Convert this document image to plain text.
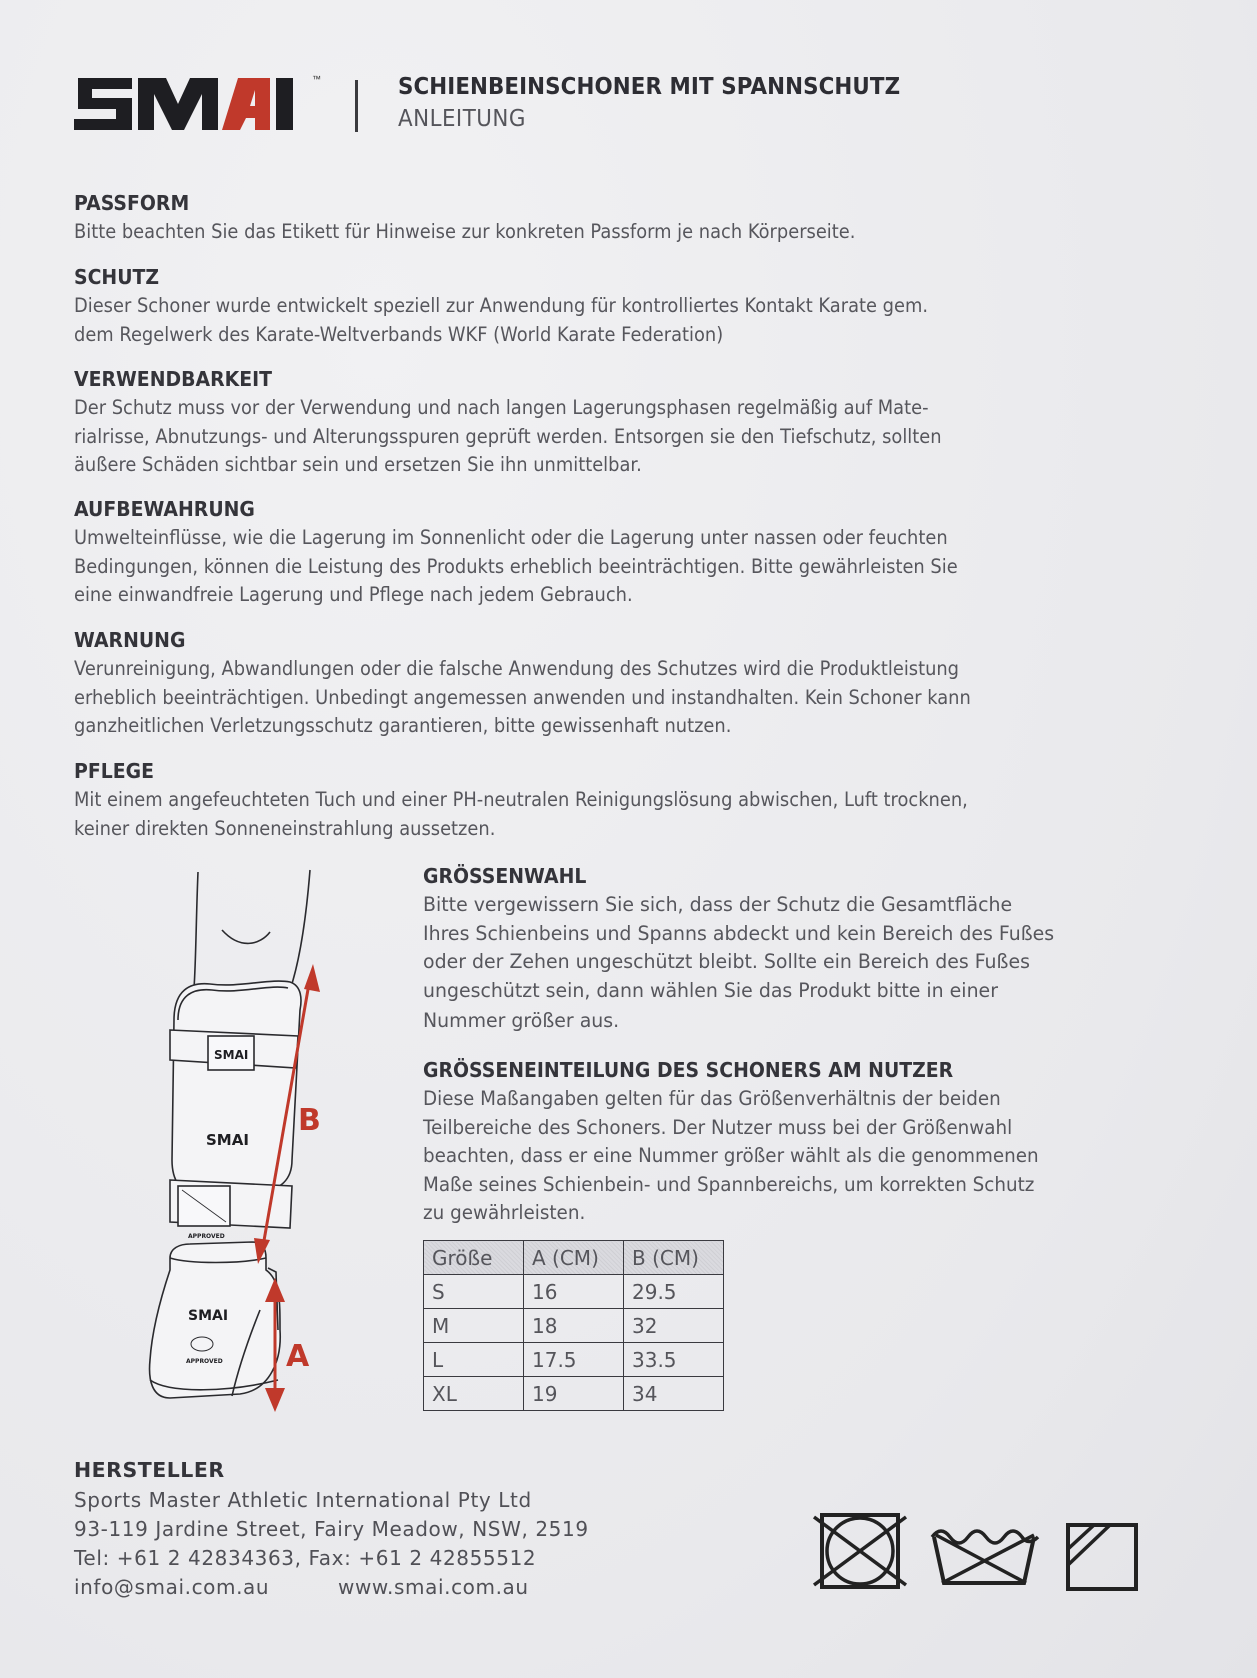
™	SCHIENBEINSCHONER MIT SPANNSCHUTZ
ANLEITUNG
PASSFORM
Bitte beachten Sie das Etikett für Hinweise zur konkreten Passform je nach Körperseite.
SCHUTZ
Dieser Schoner wurde entwickelt speziell zur Anwendung für kontrolliertes Kontakt Karate gem.
dem Regelwerk des Karate-Weltverbands WKF (World Karate Federation)
VERWENDBARKEIT
Der Schutz muss vor der Verwendung und nach langen Lagerungsphasen regelmäßig auf Mate-
rialrisse, Abnutzungs- und Alterungsspuren geprüft werden. Entsorgen sie den Tiefschutz, sollten
äußere Schäden sichtbar sein und ersetzen Sie ihn unmittelbar.
AUFBEWAHRUNG
Umwelteinflüsse, wie die Lagerung im Sonnenlicht oder die Lagerung unter nassen oder feuchten
Bedingungen, können die Leistung des Produkts erheblich beeinträchtigen. Bitte gewährleisten Sie
eine einwandfreie Lagerung und Pflege nach jedem Gebrauch.
WARNUNG
Verunreinigung, Abwandlungen oder die falsche Anwendung des Schutzes wird die Produktleistung
erheblich beeinträchtigen. Unbedingt angemessen anwenden und instandhalten. Kein Schoner kann
ganzheitlichen Verletzungsschutz garantieren, bitte gewissenhaft nutzen.
PFLEGE
Mit einem angefeuchteten Tuch und einer PH-neutralen Reinigungslösung abwischen, Luft trocknen,
keiner direkten Sonneneinstrahlung aussetzen.
SMAI
SMAI
SMAI
APPROVED
APPROVED
B
A
GRÖSSENWAHL
Bitte vergewissern Sie sich, dass der Schutz die Gesamtfläche
Ihres Schienbeins und Spanns abdeckt und kein Bereich des Fußes
oder der Zehen ungeschützt bleibt. Sollte ein Bereich des Fußes
ungeschützt sein, dann wählen Sie das Produkt bitte in einer
Nummer größer aus.
GRÖSSENEINTEILUNG DES SCHONERS AM NUTZER
Diese Maßangaben gelten für das Größenverhältnis der beiden
Teilbereiche des Schoners. Der Nutzer muss bei der Größenwahl
beachten, dass er eine Nummer größer wählt als die genommenen
Maße seines Schienbein- und Spannbereichs, um korrekten Schutz
zu gewährleisten.
Größe	A (CM)	B (CM)
S	16	29.5
M	18	32
L	17.5	33.5
XL	19	34
HERSTELLER
Sports Master Athletic International Pty Ltd
93-119 Jardine Street, Fairy Meadow, NSW, 2519
Tel: +61 2 42834363, Fax: +61 2 42855512
info@smai.com.au	www.smai.com.au
